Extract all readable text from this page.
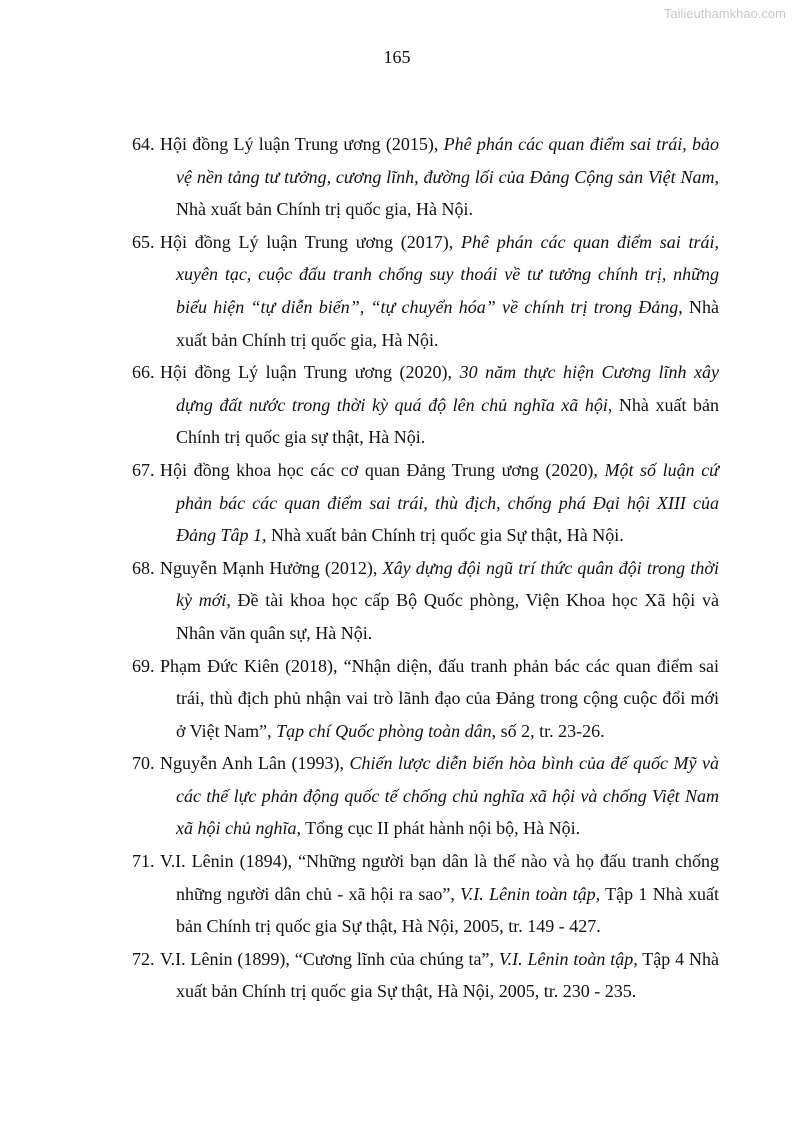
Tailieuthamkhao.com
165
64. Hội đồng Lý luận Trung ương (2015), Phê phán các quan điểm sai trái, bảo vệ nền tảng tư tưởng, cương lĩnh, đường lối của Đảng Cộng sản Việt Nam, Nhà xuất bản Chính trị quốc gia, Hà Nội.
65. Hội đồng Lý luận Trung ương (2017), Phê phán các quan điểm sai trái, xuyên tạc, cuộc đấu tranh chống suy thoái về tư tưởng chính trị, những biểu hiện “tự diễn biến”, “tự chuyển hóa” về chính trị trong Đảng, Nhà xuất bản Chính trị quốc gia, Hà Nội.
66. Hội đồng Lý luận Trung ương (2020), 30 năm thực hiện Cương lĩnh xây dựng đất nước trong thời kỳ quá độ lên chủ nghĩa xã hội, Nhà xuất bản Chính trị quốc gia sự thật, Hà Nội.
67. Hội đồng khoa học các cơ quan Đảng Trung ương (2020), Một số luận cứ phản bác các quan điểm sai trái, thù địch, chống phá Đại hội XIII của Đảng Tâp 1, Nhà xuất bản Chính trị quốc gia Sự thật, Hà Nội.
68. Nguyễn Mạnh Hưởng (2012), Xây dựng đội ngũ trí thức quân đội trong thời kỳ mới, Đề tài khoa học cấp Bộ Quốc phòng, Viện Khoa học Xã hội và Nhân văn quân sự, Hà Nội.
69. Phạm Đức Kiên (2018), “Nhận diện, đấu tranh phản bác các quan điểm sai trái, thù địch phủ nhận vai trò lãnh đạo của Đảng trong cộng cuộc đổi mới ở Việt Nam”, Tạp chí Quốc phòng toàn dân, số 2, tr. 23-26.
70. Nguyễn Anh Lân (1993), Chiến lược diễn biến hòa bình của đế quốc Mỹ và các thế lực phản động quốc tế chống chủ nghĩa xã hội và chống Việt Nam xã hội chủ nghĩa, Tổng cục II phát hành nội bộ, Hà Nội.
71. V.I. Lênin (1894), “Những người bạn dân là thế nào và họ đấu tranh chống những người dân chủ - xã hội ra sao”, V.I. Lênin toàn tập, Tập 1 Nhà xuất bản Chính trị quốc gia Sự thật, Hà Nội, 2005, tr. 149 - 427.
72. V.I. Lênin (1899), “Cương lĩnh của chúng ta”, V.I. Lênin toàn tập, Tập 4 Nhà xuất bản Chính trị quốc gia Sự thật, Hà Nội, 2005, tr. 230 - 235.
